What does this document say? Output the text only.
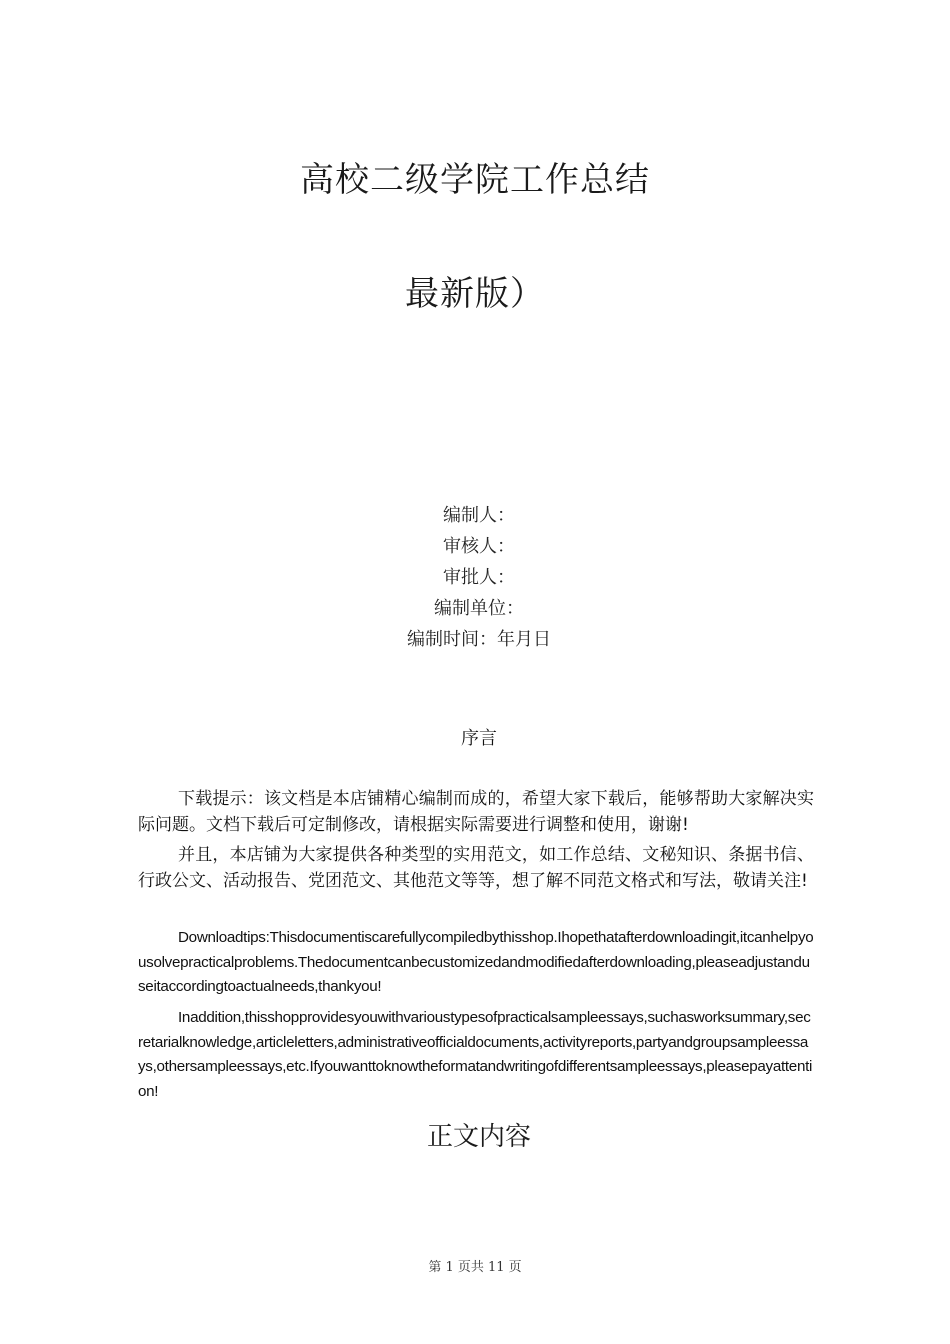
高校二级学院工作总结
最新版）
编制人：
审核人：
审批人：
编制单位：
编制时间：年月日
序言
下载提示：该文档是本店铺精心编制而成的，希望大家下载后，能够帮助大家解决实际问题。文档下载后可定制修改，请根据实际需要进行调整和使用，谢谢!
并且，本店铺为大家提供各种类型的实用范文，如工作总结、文秘知识、条据书信、行政公文、活动报告、党团范文、其他范文等等，想了解不同范文格式和写法，敬请关注!
Downloadtips:Thisdocumentiscarefullycompiledbythisshop.Ihopethatafterdownloadingit,itcanhelpyousolvepracticalproblems.Thedocumentcanbecustomizedandmodifiedafterdownloading,pleaseadjustanduseitaccordingtoactualneeds,thankyou!
Inaddition,thisshopprovidesyouwithvarioustypesofpracticalsampleessays,suchasworksummary,secretarialknowledge,articleletters,administrativeofficialdocuments,activityreports,partyandgroupsampleessays,othersampleessays,etc.Ifyouwanttoknowtheformatandwritingofdifferentsampleessays,pleasepayattention!
正文内容
第 1 页共 11 页
